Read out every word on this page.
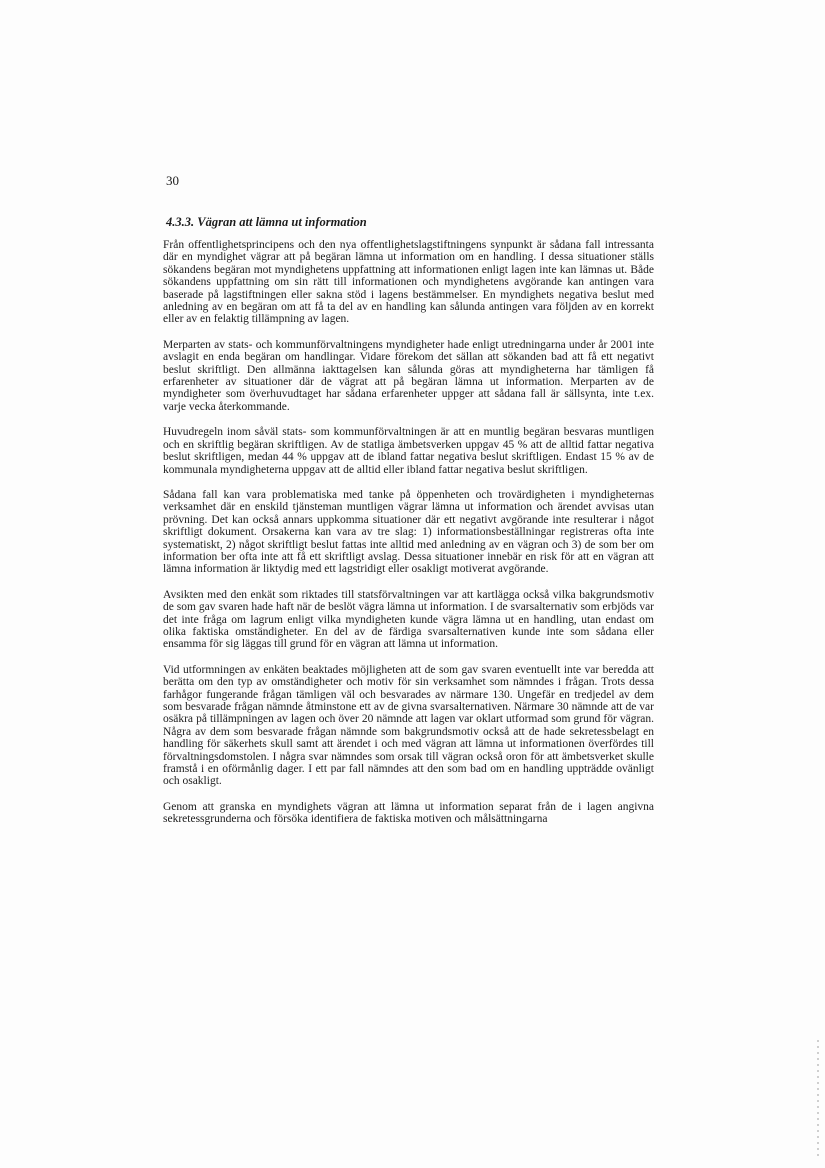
30
4.3.3. Vägran att lämna ut information

Från offentlighetsprincipens och den nya offentlighetslagstiftningens synpunkt är sådana fall intressanta där en myndighet vägrar att på begäran lämna ut information om en handling. I dessa situationer ställs sökandens begäran mot myndighetens uppfattning att informationen enligt lagen inte kan lämnas ut. Både sökandens uppfattning om sin rätt till informationen och myndighetens avgörande kan antingen vara baserade på lagstiftningen eller sakna stöd i lagens bestämmelser. En myndighets negativa beslut med anledning av en begäran om att få ta del av en handling kan sålunda antingen vara följden av en korrekt eller av en felaktig tillämpning av lagen.

Merparten av stats- och kommunförvaltningens myndigheter hade enligt utredningarna under år 2001 inte avslagit en enda begäran om handlingar. Vidare förekom det sällan att sökanden bad att få ett negativt beslut skriftligt. Den allmänna iakttagelsen kan sålunda göras att myndigheterna har tämligen få erfarenheter av situationer där de vägrat att på begäran lämna ut information. Merparten av de myndigheter som överhuvudtaget har sådana erfarenheter uppger att sådana fall är sällsynta, inte t.ex. varje vecka återkommande.

Huvudregeln inom såväl stats- som kommunförvaltningen är att en muntlig begäran besvaras muntligen och en skriftlig begäran skriftligen. Av de statliga ämbetsverken uppgav 45 % att de alltid fattar negativa beslut skriftligen, medan 44 % uppgav att de ibland fattar negativa beslut skriftligen. Endast 15 % av de kommunala myndigheterna uppgav att de alltid eller ibland fattar negativa beslut skriftligen.

Sådana fall kan vara problematiska med tanke på öppenheten och trovärdigheten i myndigheternas verksamhet där en enskild tjänsteman muntligen vägrar lämna ut information och ärendet avvisas utan prövning. Det kan också annars uppkomma situationer där ett negativt avgörande inte resulterar i något skriftligt dokument. Orsakerna kan vara av tre slag: 1) informationsbeställningar registreras ofta inte systematiskt, 2) något skriftligt beslut fattas inte alltid med anledning av en vägran och 3) de som ber om information ber ofta inte att få ett skriftligt avslag. Dessa situationer innebär en risk för att en vägran att lämna information är liktydig med ett lagstridigt eller osakligt motiverat avgörande.

Avsikten med den enkät som riktades till statsförvaltningen var att kartlägga också vilka bakgrundsmotiv de som gav svaren hade haft när de beslöt vägra lämna ut information. I de svarsalternativ som erbjöds var det inte fråga om lagrum enligt vilka myndigheten kunde vägra lämna ut en handling, utan endast om olika faktiska omständigheter. En del av de färdiga svarsalternativen kunde inte som sådana eller ensamma för sig läggas till grund för en vägran att lämna ut information.

Vid utformningen av enkäten beaktades möjligheten att de som gav svaren eventuellt inte var beredda att berätta om den typ av omständigheter och motiv för sin verksamhet som nämndes i frågan. Trots dessa farhågor fungerande frågan tämligen väl och besvarades av närmare 130. Ungefär en tredjedel av dem som besvarade frågan nämnde åtminstone ett av de givna svarsalternativen. Närmare 30 nämnde att de var osäkra på tillämpningen av lagen och över 20 nämnde att lagen var oklart utformad som grund för vägran. Några av dem som besvarade frågan nämnde som bakgrundsmotiv också att de hade sekretessbelagt en handling för säkerhets skull samt att ärendet i och med vägran att lämna ut informationen överfördes till förvaltningsdomstolen. I några svar nämndes som orsak till vägran också oron för att ämbetsverket skulle framstå i en oförmånlig dager. I ett par fall nämndes att den som bad om en handling uppträdde ovänligt och osakligt.

Genom att granska en myndighets vägran att lämna ut information separat från de i lagen angivna sekretessgrunderna och försöka identifiera de faktiska motiven och målsättningarna
